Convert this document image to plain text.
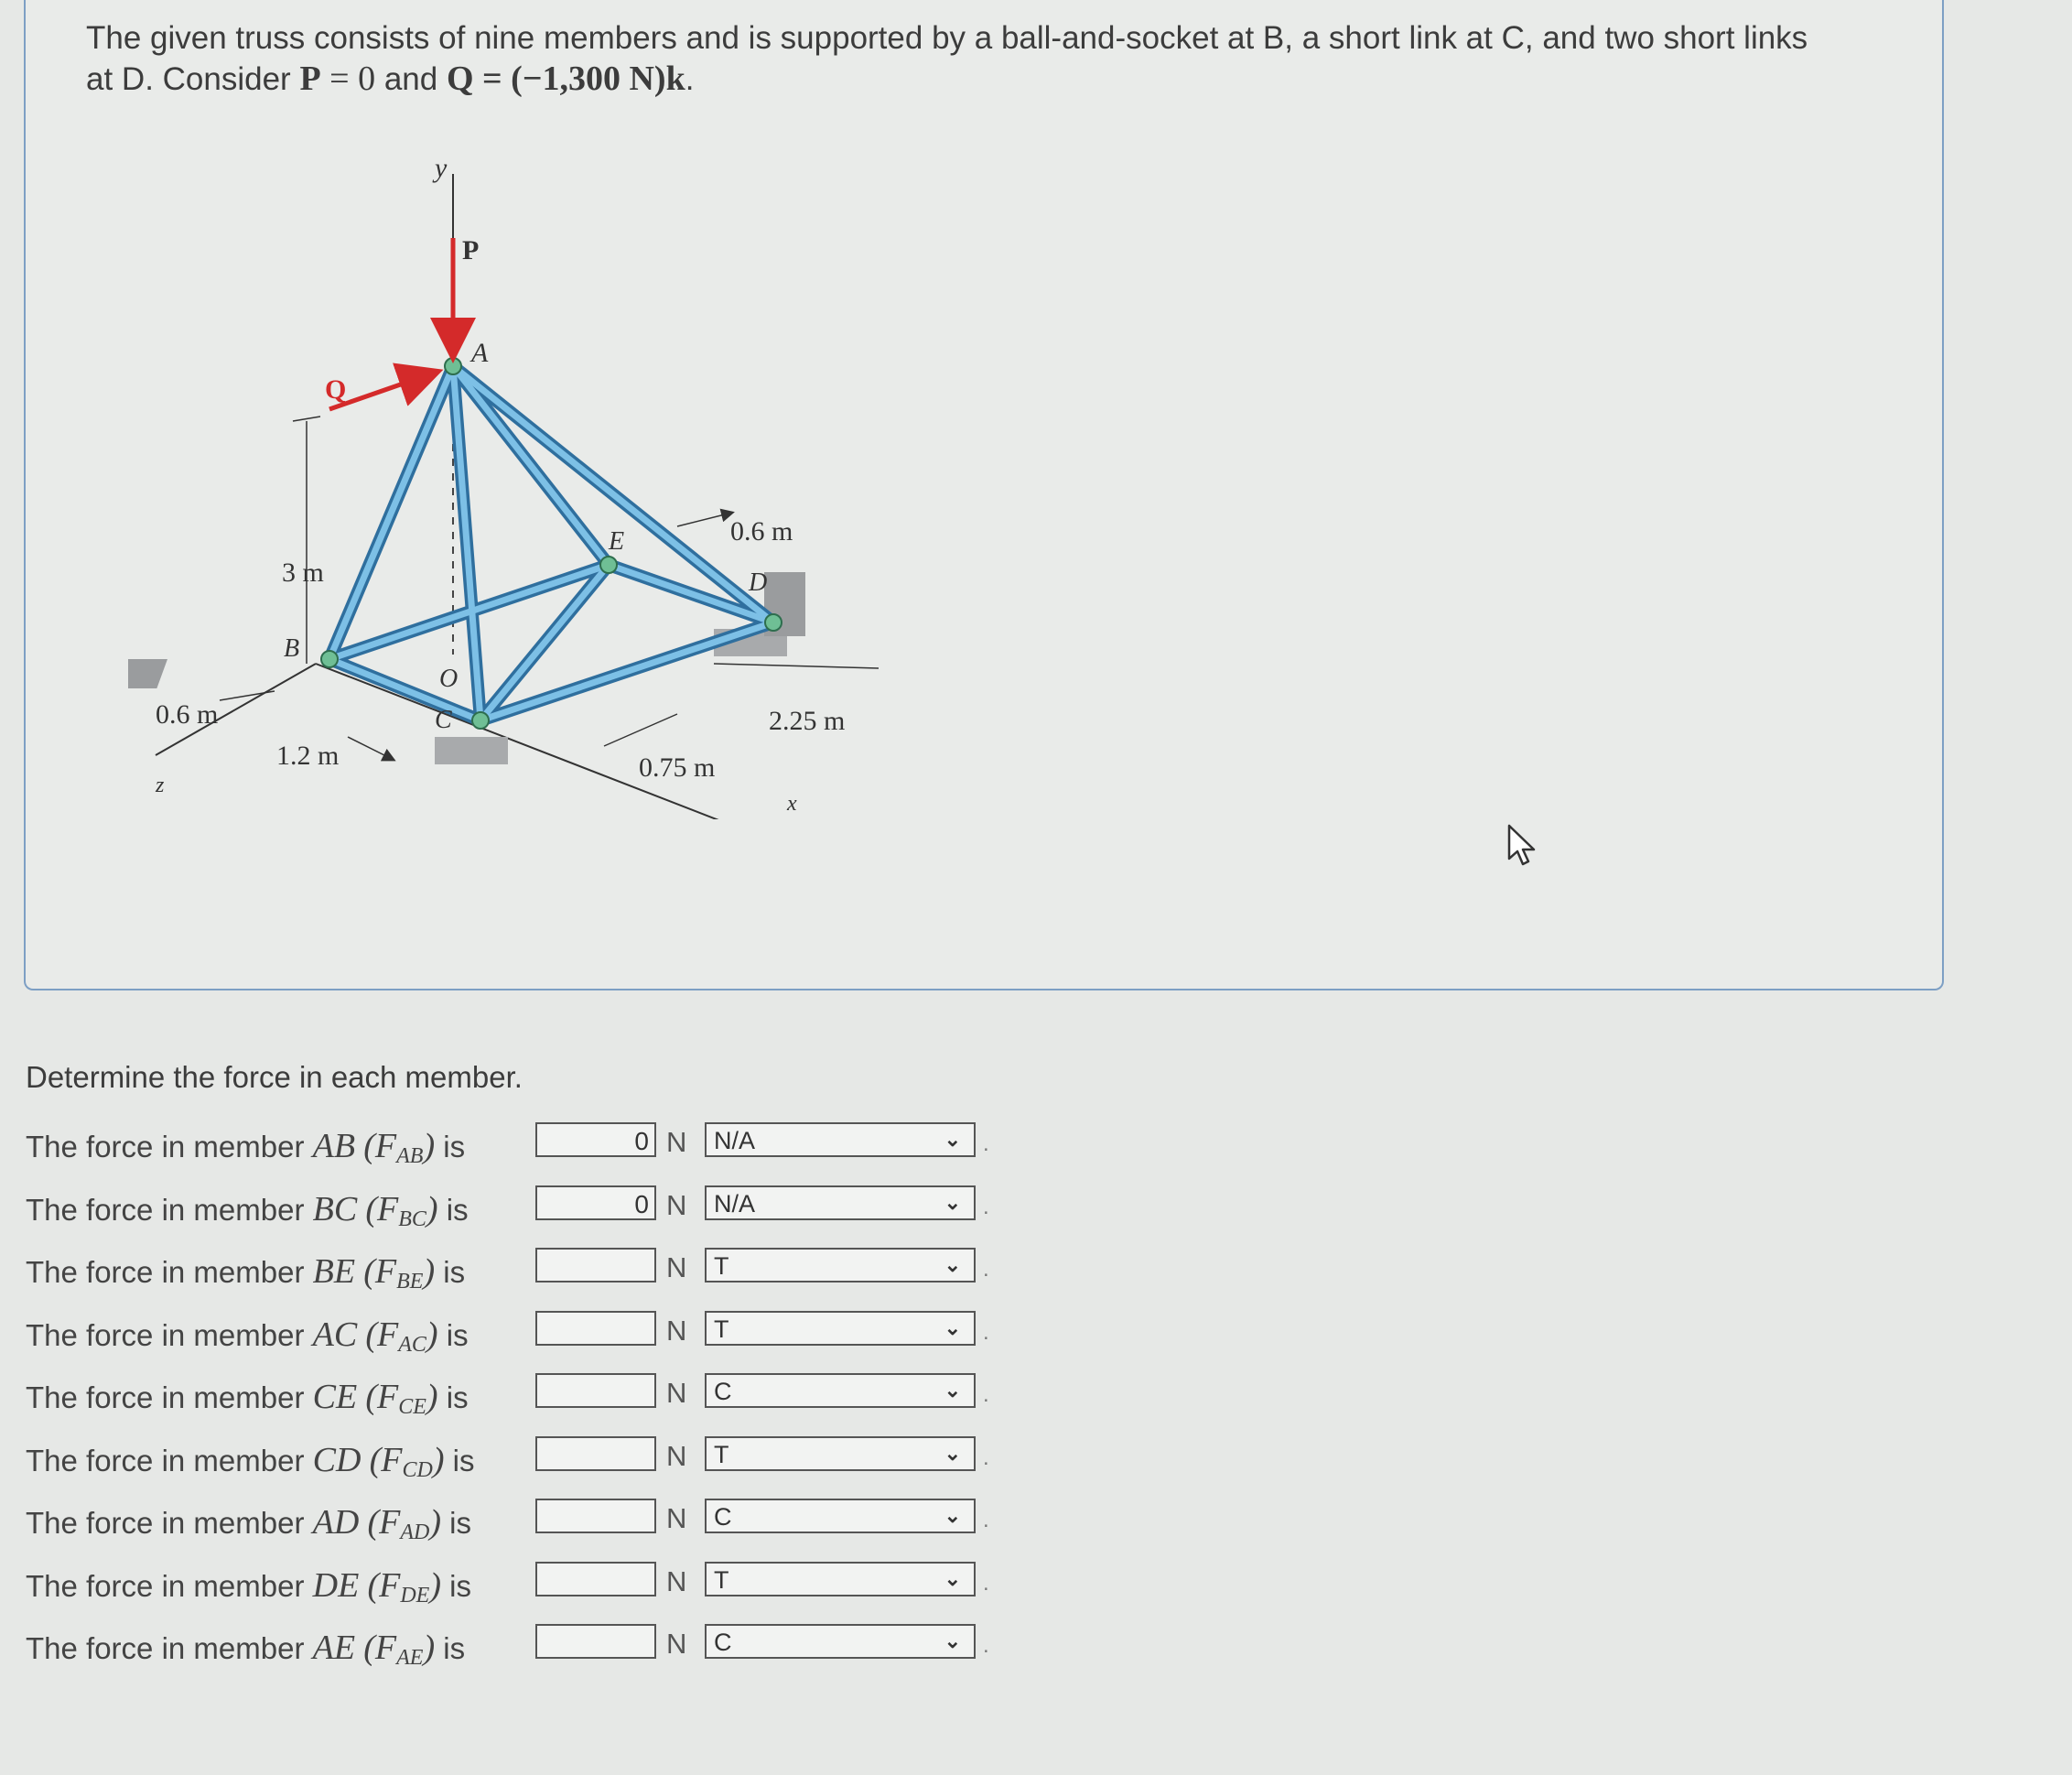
The given truss consists of nine members and is supported by a ball-and-socket at B, a short link at C, and two short links
at D. Consider P = 0 and Q = (−1,300 N)k.
y
P
A
Q
E
D
B
O
C
z
x
3 m
0.6 m
0.6 m
1.2 m	0.75 m
2.25 m
Determine the force in each member.
The force in member AB $(F_{AB})$ is	0 N	N/A	⌄ .
The force in member BC $(F_{BC})$ is	0 N	N/A	⌄ .
The force in member BE $(F_{BE})$ is	N	T	⌄ .
The force in member AC $(F_{AC})$ is	N	T	⌄ .
The force in member CE $(F_{CE})$ is	N	C	⌄ .
The force in member CD $(F_{CD})$ is	N	T	⌄ .
The force in member AD $(F_{AD})$ is	N	C	⌄ .
The force in member DE $(F_{DE})$ is	N	T	⌄ .
The force in member AE $(F_{AE})$ is	N	C	⌄ .
